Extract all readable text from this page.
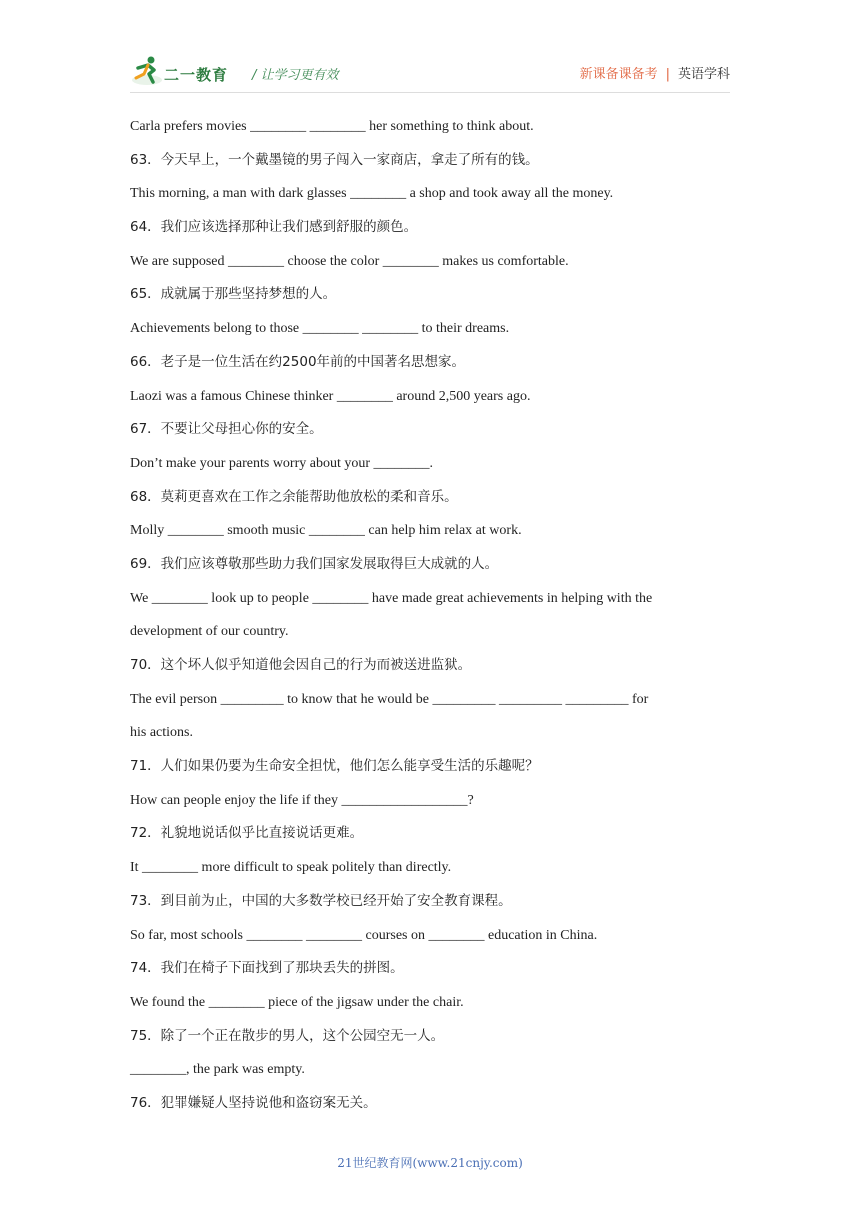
二一教育 / 让学习更有效	新课备课备考 | 英语学科
Carla prefers movies ________ ________ her something to think about.
63．今天早上，一个戴墨镜的男子闯入一家商店，拿走了所有的钱。
This morning, a man with dark glasses ________ a shop and took away all the money.
64．我们应该选择那种让我们感到舒服的颜色。
We are supposed ________ choose the color ________ makes us comfortable.
65．成就属于那些坚持梦想的人。
Achievements belong to those ________ ________ to their dreams.
66．老子是一位生活在约2500年前的中国著名思想家。
Laozi was a famous Chinese thinker ________ around 2,500 years ago.
67．不要让父母担心你的安全。
Don’t make your parents worry about your ________.
68．莫莉更喜欢在工作之余能帮助他放松的柔和音乐。
Molly ________ smooth music ________ can help him relax at work.
69．我们应该尊敬那些助力我们国家发展取得巨大成就的人。
We ________ look up to people ________ have made great achievements in helping with the
development of our country.
70．这个坏人似乎知道他会因自己的行为而被送进监狱。
The evil person _________ to know that he would be _________ _________ _________ for
his actions.
71．人们如果仍要为生命安全担忧，他们怎么能享受生活的乐趣呢？
How can people enjoy the life if they __________________?
72．礼貌地说话似乎比直接说话更难。
It ________ more difficult to speak politely than directly.
73．到目前为止，中国的大多数学校已经开始了安全教育课程。
So far, most schools ________ ________ courses on ________ education in China.
74．我们在椅子下面找到了那块丢失的拼图。
We found the ________ piece of the jigsaw under the chair.
75．除了一个正在散步的男人，这个公园空无一人。
________, the park was empty.
76．犯罪嫌疑人坚持说他和盗窃案无关。
21世纪教育网(www.21cnjy.com)
